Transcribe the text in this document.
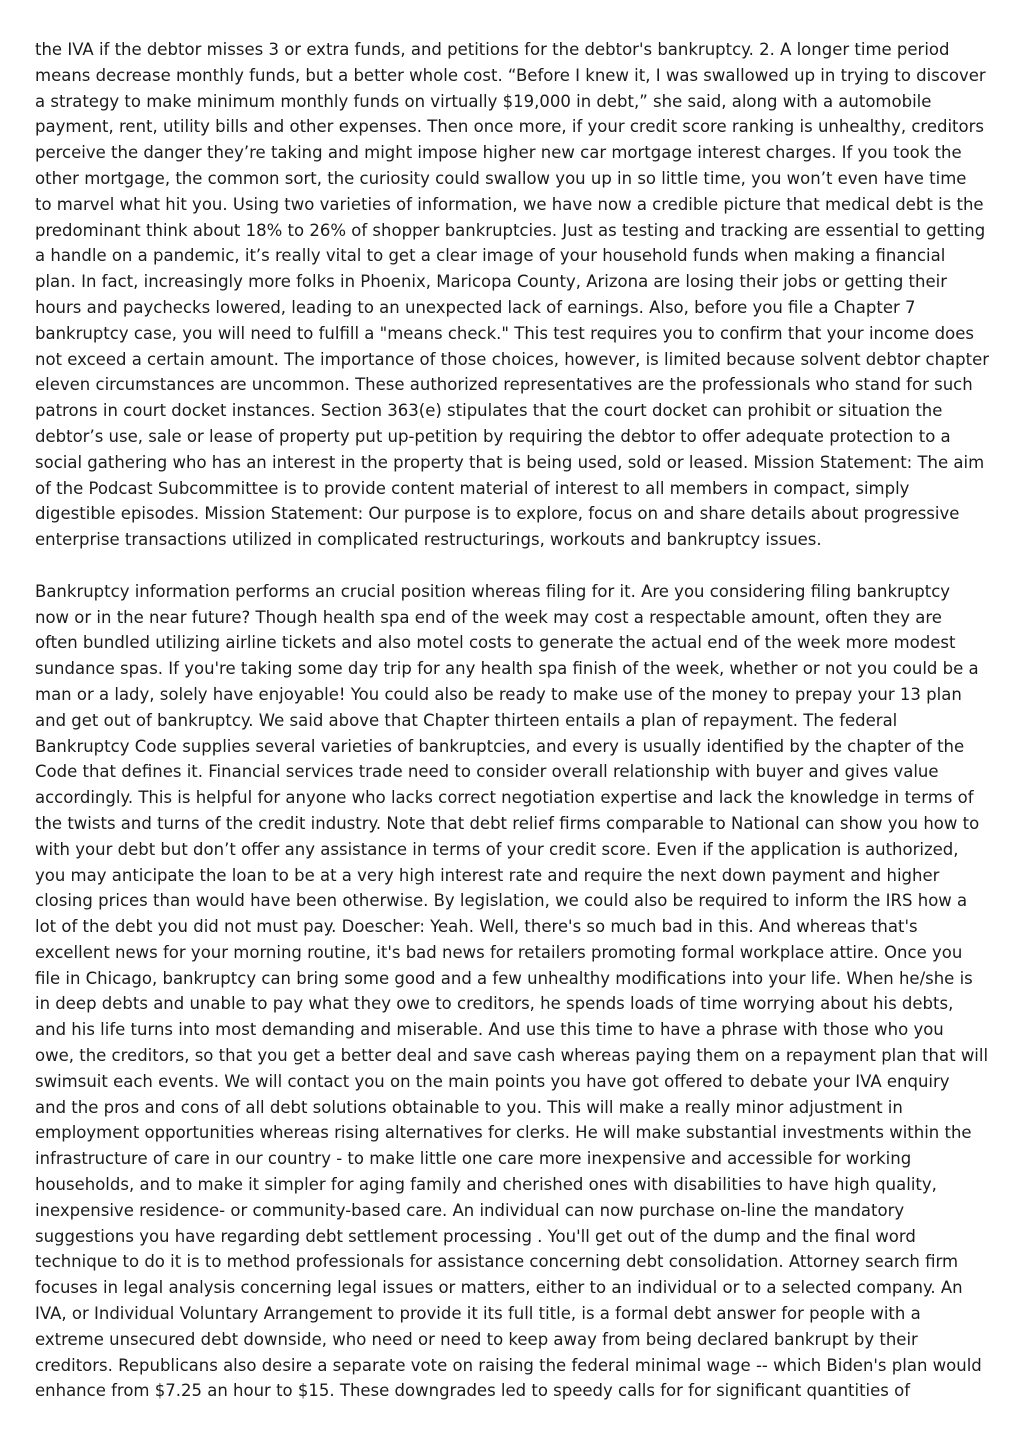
the IVA if the debtor misses 3 or extra funds, and petitions for the debtor's bankruptcy. 2. A longer time period
means decrease monthly funds, but a better whole cost. “Before I knew it, I was swallowed up in trying to discover
a strategy to make minimum monthly funds on virtually $19,000 in debt,” she said, along with a automobile
payment, rent, utility bills and other expenses. Then once more, if your credit score ranking is unhealthy, creditors
perceive the danger they’re taking and might impose higher new car mortgage interest charges. If you took the
other mortgage, the common sort, the curiosity could swallow you up in so little time, you won’t even have time
to marvel what hit you. Using two varieties of information, we have now a credible picture that medical debt is the
predominant think about 18% to 26% of shopper bankruptcies. Just as testing and tracking are essential to getting
a handle on a pandemic, it’s really vital to get a clear image of your household funds when making a financial
plan. In fact, increasingly more folks in Phoenix, Maricopa County, Arizona are losing their jobs or getting their
hours and paychecks lowered, leading to an unexpected lack of earnings. Also, before you file a Chapter 7
bankruptcy case, you will need to fulfill a "means check." This test requires you to confirm that your income does
not exceed a certain amount. The importance of those choices, however, is limited because solvent debtor chapter
eleven circumstances are uncommon. These authorized representatives are the professionals who stand for such
patrons in court docket instances. Section 363(e) stipulates that the court docket can prohibit or situation the
debtor’s use, sale or lease of property put up-petition by requiring the debtor to offer adequate protection to a
social gathering who has an interest in the property that is being used, sold or leased. Mission Statement: The aim
of the Podcast Subcommittee is to provide content material of interest to all members in compact, simply
digestible episodes. Mission Statement: Our purpose is to explore, focus on and share details about progressive
enterprise transactions utilized in complicated restructurings, workouts and bankruptcy issues.

Bankruptcy information performs an crucial position whereas filing for it. Are you considering filing bankruptcy
now or in the near future? Though health spa end of the week may cost a respectable amount, often they are
often bundled utilizing airline tickets and also motel costs to generate the actual end of the week more modest
sundance spas. If you're taking some day trip for any health spa finish of the week, whether or not you could be a
man or a lady, solely have enjoyable! You could also be ready to make use of the money to prepay your 13 plan
and get out of bankruptcy. We said above that Chapter thirteen entails a plan of repayment. The federal
Bankruptcy Code supplies several varieties of bankruptcies, and every is usually identified by the chapter of the
Code that defines it. Financial services trade need to consider overall relationship with buyer and gives value
accordingly. This is helpful for anyone who lacks correct negotiation expertise and lack the knowledge in terms of
the twists and turns of the credit industry. Note that debt relief firms comparable to National can show you how to
with your debt but don’t offer any assistance in terms of your credit score. Even if the application is authorized,
you may anticipate the loan to be at a very high interest rate and require the next down payment and higher
closing prices than would have been otherwise. By legislation, we could also be required to inform the IRS how a
lot of the debt you did not must pay. Doescher: Yeah. Well, there's so much bad in this. And whereas that's
excellent news for your morning routine, it's bad news for retailers promoting formal workplace attire. Once you
file in Chicago, bankruptcy can bring some good and a few unhealthy modifications into your life. When he/she is
in deep debts and unable to pay what they owe to creditors, he spends loads of time worrying about his debts,
and his life turns into most demanding and miserable. And use this time to have a phrase with those who you
owe, the creditors, so that you get a better deal and save cash whereas paying them on a repayment plan that will
swimsuit each events. We will contact you on the main points you have got offered to debate your IVA enquiry
and the pros and cons of all debt solutions obtainable to you. This will make a really minor adjustment in
employment opportunities whereas rising alternatives for clerks. He will make substantial investments within the
infrastructure of care in our country - to make little one care more inexpensive and accessible for working
households, and to make it simpler for aging family and cherished ones with disabilities to have high quality,
inexpensive residence- or community-based care. An individual can now purchase on-line the mandatory
suggestions you have regarding debt settlement processing . You'll get out of the dump and the final word
technique to do it is to method professionals for assistance concerning debt consolidation. Attorney search firm
focuses in legal analysis concerning legal issues or matters, either to an individual or to a selected company. An
IVA, or Individual Voluntary Arrangement to provide it its full title, is a formal debt answer for people with a
extreme unsecured debt downside, who need or need to keep away from being declared bankrupt by their
creditors. Republicans also desire a separate vote on raising the federal minimal wage -- which Biden's plan would
enhance from $7.25 an hour to $15. These downgrades led to speedy calls for for significant quantities of
